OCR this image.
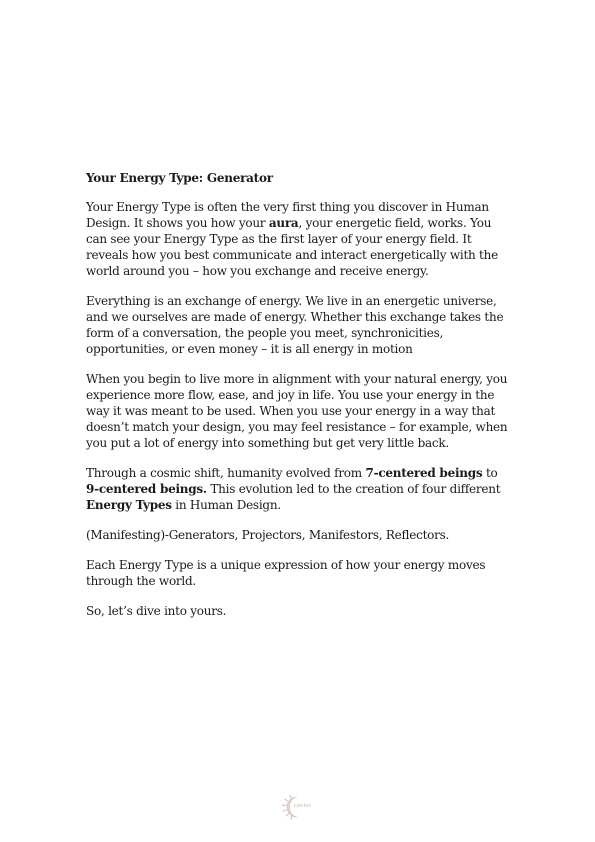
Your Energy Type: Generator

Your Energy Type is often the very first thing you discover in Human Design. It shows you how your aura, your energetic field, works. You can see your Energy Type as the first layer of your energy field. It reveals how you best communicate and interact energetically with the world around you – how you exchange and receive energy.

Everything is an exchange of energy. We live in an energetic universe, and we ourselves are made of energy. Whether this exchange takes the form of a conversation, the people you meet, synchronicities, opportunities, or even money – it is all energy in motion

When you begin to live more in alignment with your natural energy, you experience more flow, ease, and joy in life. You use your energy in the way it was meant to be used. When you use your energy in a way that doesn’t match your design, you may feel resistance – for example, when you put a lot of energy into something but get very little back.

Through a cosmic shift, humanity evolved from 7-centered beings to 9-centered beings. This evolution led to the creation of four different Energy Types in Human Design.

(Manifesting)-Generators, Projectors, Manifestors, Reflectors.

Each Energy Type is a unique expression of how your energy moves through the world.

So, let’s dive into yours.

canlos
